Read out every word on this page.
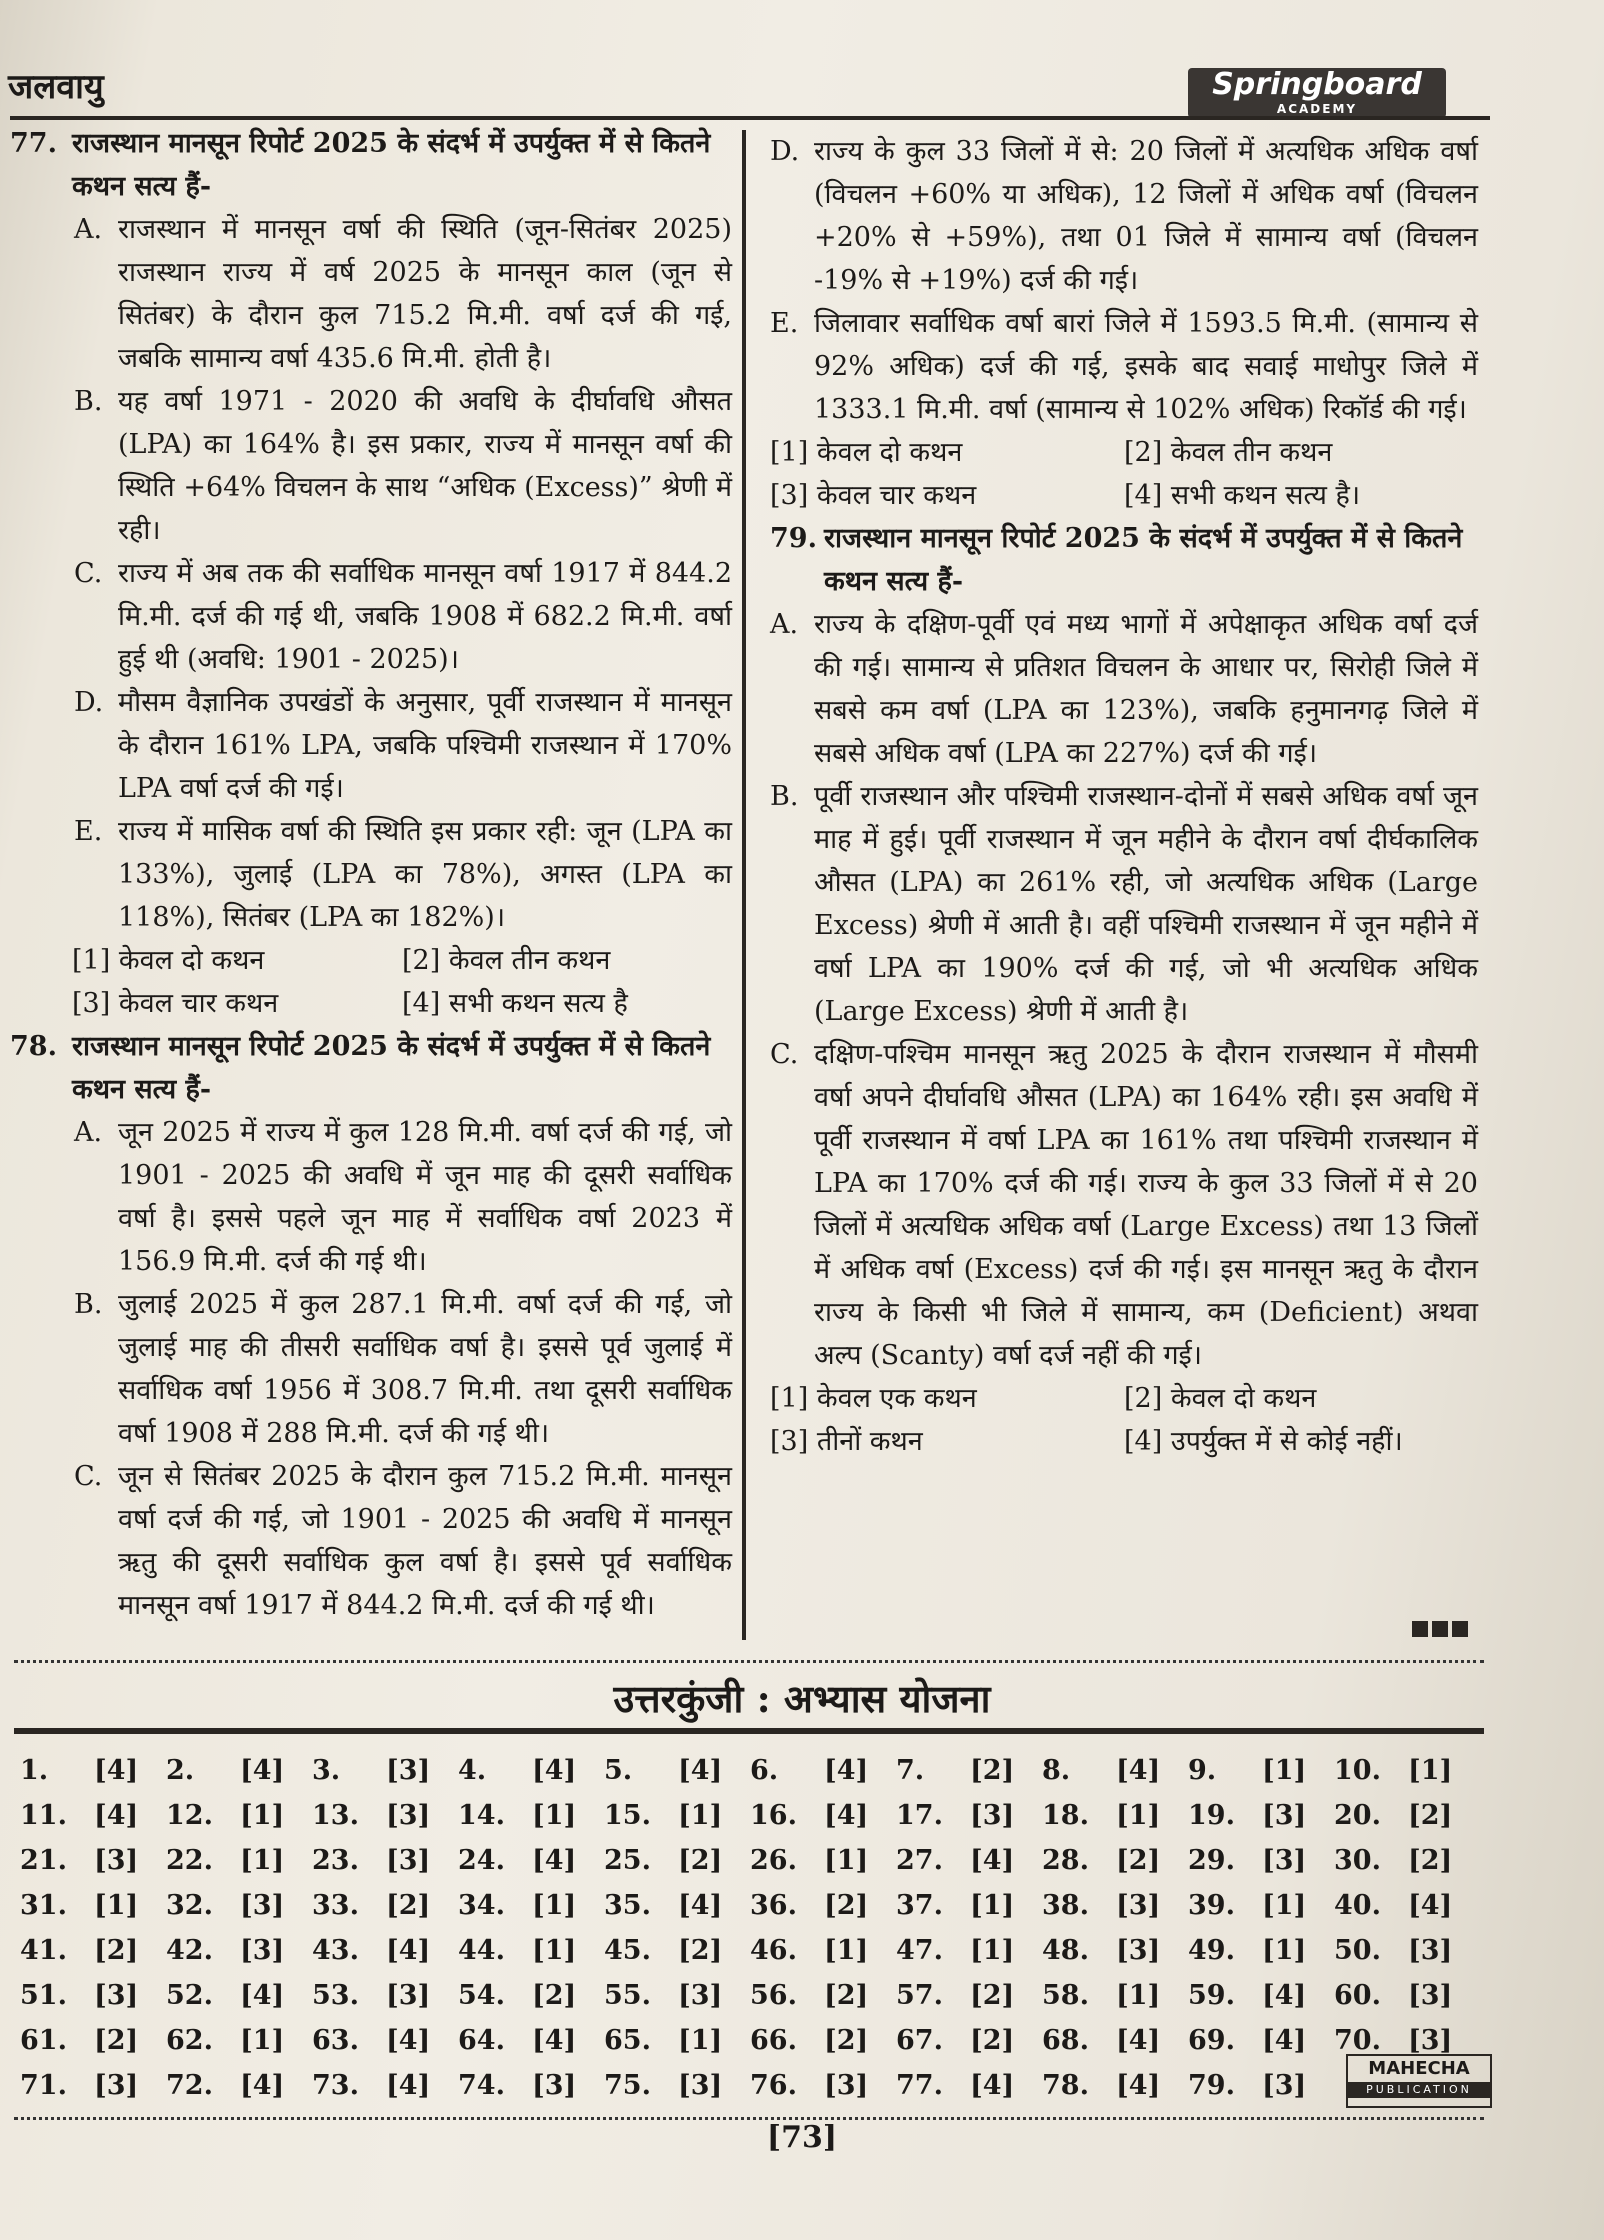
जलवायु	Springboard
ACADEMY
77. राजस्थान मानसून रिपोर्ट 2025 के संदर्भ में उपर्युक्त में से कितने कथन सत्य हैं-
A. राजस्थान में मानसून वर्षा की स्थिति (जून-सितंबर 2025) राजस्थान राज्य में वर्ष 2025 के मानसून काल (जून से सितंबर) के दौरान कुल 715.2 मि.मी. वर्षा दर्ज की गई, जबकि सामान्य वर्षा 435.6 मि.मी. होती है।
B. यह वर्षा 1971 - 2020 की अवधि के दीर्घावधि औसत (LPA) का 164% है। इस प्रकार, राज्य में मानसून वर्षा की स्थिति +64% विचलन के साथ “अधिक (Excess)” श्रेणी में रही।
C. राज्य में अब तक की सर्वाधिक मानसून वर्षा 1917 में 844.2 मि.मी. दर्ज की गई थी, जबकि 1908 में 682.2 मि.मी. वर्षा हुई थी (अवधि: 1901 - 2025)।
D. मौसम वैज्ञानिक उपखंडों के अनुसार, पूर्वी राजस्थान में मानसून के दौरान 161% LPA, जबकि पश्चिमी राजस्थान में 170% LPA वर्षा दर्ज की गई।
E. राज्य में मासिक वर्षा की स्थिति इस प्रकार रही: जून (LPA का 133%), जुलाई (LPA का 78%), अगस्त (LPA का 118%), सितंबर (LPA का 182%)।
[1] केवल दो कथन	[2] केवल तीन कथन
[3] केवल चार कथन	[4] सभी कथन सत्य है
78. राजस्थान मानसून रिपोर्ट 2025 के संदर्भ में उपर्युक्त में से कितने कथन सत्य हैं-
A. जून 2025 में राज्य में कुल 128 मि.मी. वर्षा दर्ज की गई, जो 1901 - 2025 की अवधि में जून माह की दूसरी सर्वाधिक वर्षा है। इससे पहले जून माह में सर्वाधिक वर्षा 2023 में 156.9 मि.मी. दर्ज की गई थी।
B. जुलाई 2025 में कुल 287.1 मि.मी. वर्षा दर्ज की गई, जो जुलाई माह की तीसरी सर्वाधिक वर्षा है। इससे पूर्व जुलाई में सर्वाधिक वर्षा 1956 में 308.7 मि.मी. तथा दूसरी सर्वाधिक वर्षा 1908 में 288 मि.मी. दर्ज की गई थी।
C. जून से सितंबर 2025 के दौरान कुल 715.2 मि.मी. मानसून वर्षा दर्ज की गई, जो 1901 - 2025 की अवधि में मानसून ऋतु की दूसरी सर्वाधिक कुल वर्षा है। इससे पूर्व सर्वाधिक मानसून वर्षा 1917 में 844.2 मि.मी. दर्ज की गई थी।
D. राज्य के कुल 33 जिलों में से: 20 जिलों में अत्यधिक अधिक वर्षा (विचलन +60% या अधिक), 12 जिलों में अधिक वर्षा (विचलन +20% से +59%), तथा 01 जिले में सामान्य वर्षा (विचलन -19% से +19%) दर्ज की गई।
E. जिलावार सर्वाधिक वर्षा बारां जिले में 1593.5 मि.मी. (सामान्य से 92% अधिक) दर्ज की गई, इसके बाद सवाई माधोपुर जिले में 1333.1 मि.मी. वर्षा (सामान्य से 102% अधिक) रिकॉर्ड की गई।
[1] केवल दो कथन	[2] केवल तीन कथन
[3] केवल चार कथन	[4] सभी कथन सत्य है।
79. राजस्थान मानसून रिपोर्ट 2025 के संदर्भ में उपर्युक्त में से कितने कथन सत्य हैं-
A. राज्य के दक्षिण-पूर्वी एवं मध्य भागों में अपेक्षाकृत अधिक वर्षा दर्ज की गई। सामान्य से प्रतिशत विचलन के आधार पर, सिरोही जिले में सबसे कम वर्षा (LPA का 123%), जबकि हनुमानगढ़ जिले में सबसे अधिक वर्षा (LPA का 227%) दर्ज की गई।
B. पूर्वी राजस्थान और पश्चिमी राजस्थान-दोनों में सबसे अधिक वर्षा जून माह में हुई। पूर्वी राजस्थान में जून महीने के दौरान वर्षा दीर्घकालिक औसत (LPA) का 261% रही, जो अत्यधिक अधिक (Large Excess) श्रेणी में आती है। वहीं पश्चिमी राजस्थान में जून महीने में वर्षा LPA का 190% दर्ज की गई, जो भी अत्यधिक अधिक (Large Excess) श्रेणी में आती है।
C. दक्षिण-पश्चिम मानसून ऋतु 2025 के दौरान राजस्थान में मौसमी वर्षा अपने दीर्घावधि औसत (LPA) का 164% रही। इस अवधि में पूर्वी राजस्थान में वर्षा LPA का 161% तथा पश्चिमी राजस्थान में LPA का 170% दर्ज की गई। राज्य के कुल 33 जिलों में से 20 जिलों में अत्यधिक अधिक वर्षा (Large Excess) तथा 13 जिलों में अधिक वर्षा (Excess) दर्ज की गई। इस मानसून ऋतु के दौरान राज्य के किसी भी जिले में सामान्य, कम (Deficient) अथवा अल्प (Scanty) वर्षा दर्ज नहीं की गई।
[1] केवल एक कथन	[2] केवल दो कथन
[3] तीनों कथन	[4] उपर्युक्त में से कोई नहीं।
उत्तरकुंजी : अभ्यास योजना
1.	[4]	2.	[4]	3.	[3]	4.	[4]	5.	[4]	6.	[4]	7.	[2]	8.	[4]	9.	[1]	10.	[1]
11.	[4]	12.	[1]	13.	[3]	14.	[1]	15.	[1]	16.	[4]	17.	[3]	18.	[1]	19.	[3]	20.	[2]
21.	[3]	22.	[1]	23.	[3]	24.	[4]	25.	[2]	26.	[1]	27.	[4]	28.	[2]	29.	[3]	30.	[2]
31.	[1]	32.	[3]	33.	[2]	34.	[1]	35.	[4]	36.	[2]	37.	[1]	38.	[3]	39.	[1]	40.	[4]
41.	[2]	42.	[3]	43.	[4]	44.	[1]	45.	[2]	46.	[1]	47.	[1]	48.	[3]	49.	[1]	50.	[3]
51.	[3]	52.	[4]	53.	[3]	54.	[2]	55.	[3]	56.	[2]	57.	[2]	58.	[1]	59.	[4]	60.	[3]
61.	[2]	62.	[1]	63.	[4]	64.	[4]	65.	[1]	66.	[2]	67.	[2]	68.	[4]	69.	[4]	70.	[3]
71.	[3]	72.	[4]	73.	[4]	74.	[3]	75.	[3]	76.	[3]	77.	[4]	78.	[4]	79.	[3]
MAHECHA
PUBLICATION
[73]
